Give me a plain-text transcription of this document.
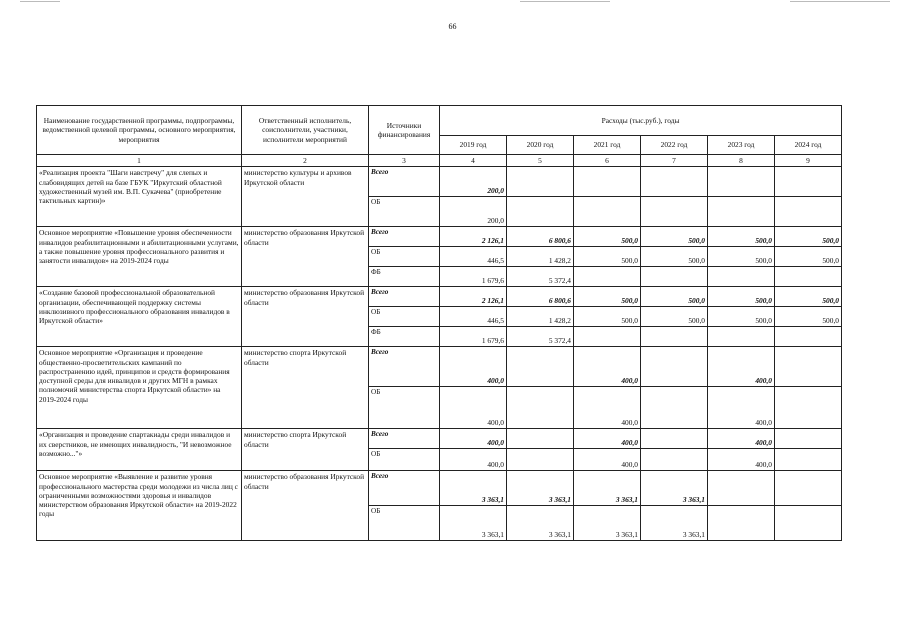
66
Наименование государственной программы, подпрограммы, ведомственной целевой программы, основного мероприятия, мероприятия	Ответственный исполнитель, соисполнители, участники, исполнители мероприятий	Источники финансирования	Расходы (тыс.руб.), годы					
			2019 год	2020 год	2021 год	2022 год	2023 год	2024 год
1	2	3	4	5	6	7	8	9
«Реализация проекта "Шаги навстречу" для слепых и слабовидящих детей на базе ГБУК "Иркутский областной художественный музей им. В.П. Сукачева" (приобретение тактильных картин)»	министерство культуры и архивов Иркутской области	Всего	200,0					
		ОБ	200,0					
Основное мероприятие «Повышение уровня обеспеченности инвалидов реабилитационными и абилитационными услугами, а также повышение уровня профессионального развития и занятости инвалидов» на 2019-2024 годы	министерство образования Иркутской области	Всего	2 126,1	6 800,6	500,0	500,0	500,0	500,0
		ОБ	446,5	1 428,2	500,0	500,0	500,0	500,0
		ФБ	1 679,6	5 372,4				
«Создание базовой профессиональной образовательной организации, обеспечивающей поддержку системы инклюзивного профессионального образования инвалидов в Иркутской области»	министерство образования Иркутской области	Всего	2 126,1	6 800,6	500,0	500,0	500,0	500,0
		ОБ	446,5	1 428,2	500,0	500,0	500,0	500,0
		ФБ	1 679,6	5 372,4				
Основное мероприятие «Организация и проведение общественно-просветительских кампаний по распространению идей, принципов и средств формирования доступной среды для инвалидов и других МГН в рамках полномочий министерства спорта Иркутской области» на 2019-2024 годы	министерство спорта Иркутской области	Всего	400,0		400,0		400,0	
		ОБ	400,0		400,0		400,0	
«Организация и проведение спартакиады среди инвалидов и их сверстников, не имеющих инвалидность, "И невозможное возможно..."»	министерство спорта Иркутской области	Всего	400,0		400,0		400,0	
		ОБ	400,0		400,0		400,0	
Основное мероприятие «Выявление и развитие уровня профессионального мастерства среди молодежи из числа лиц с ограниченными возможностями здоровья и инвалидов министерством образования Иркутской области» на 2019-2022 годы	министерство образования Иркутской области	Всего	3 363,1	3 363,1	3 363,1	3 363,1		
		ОБ	3 363,1	3 363,1	3 363,1	3 363,1		
